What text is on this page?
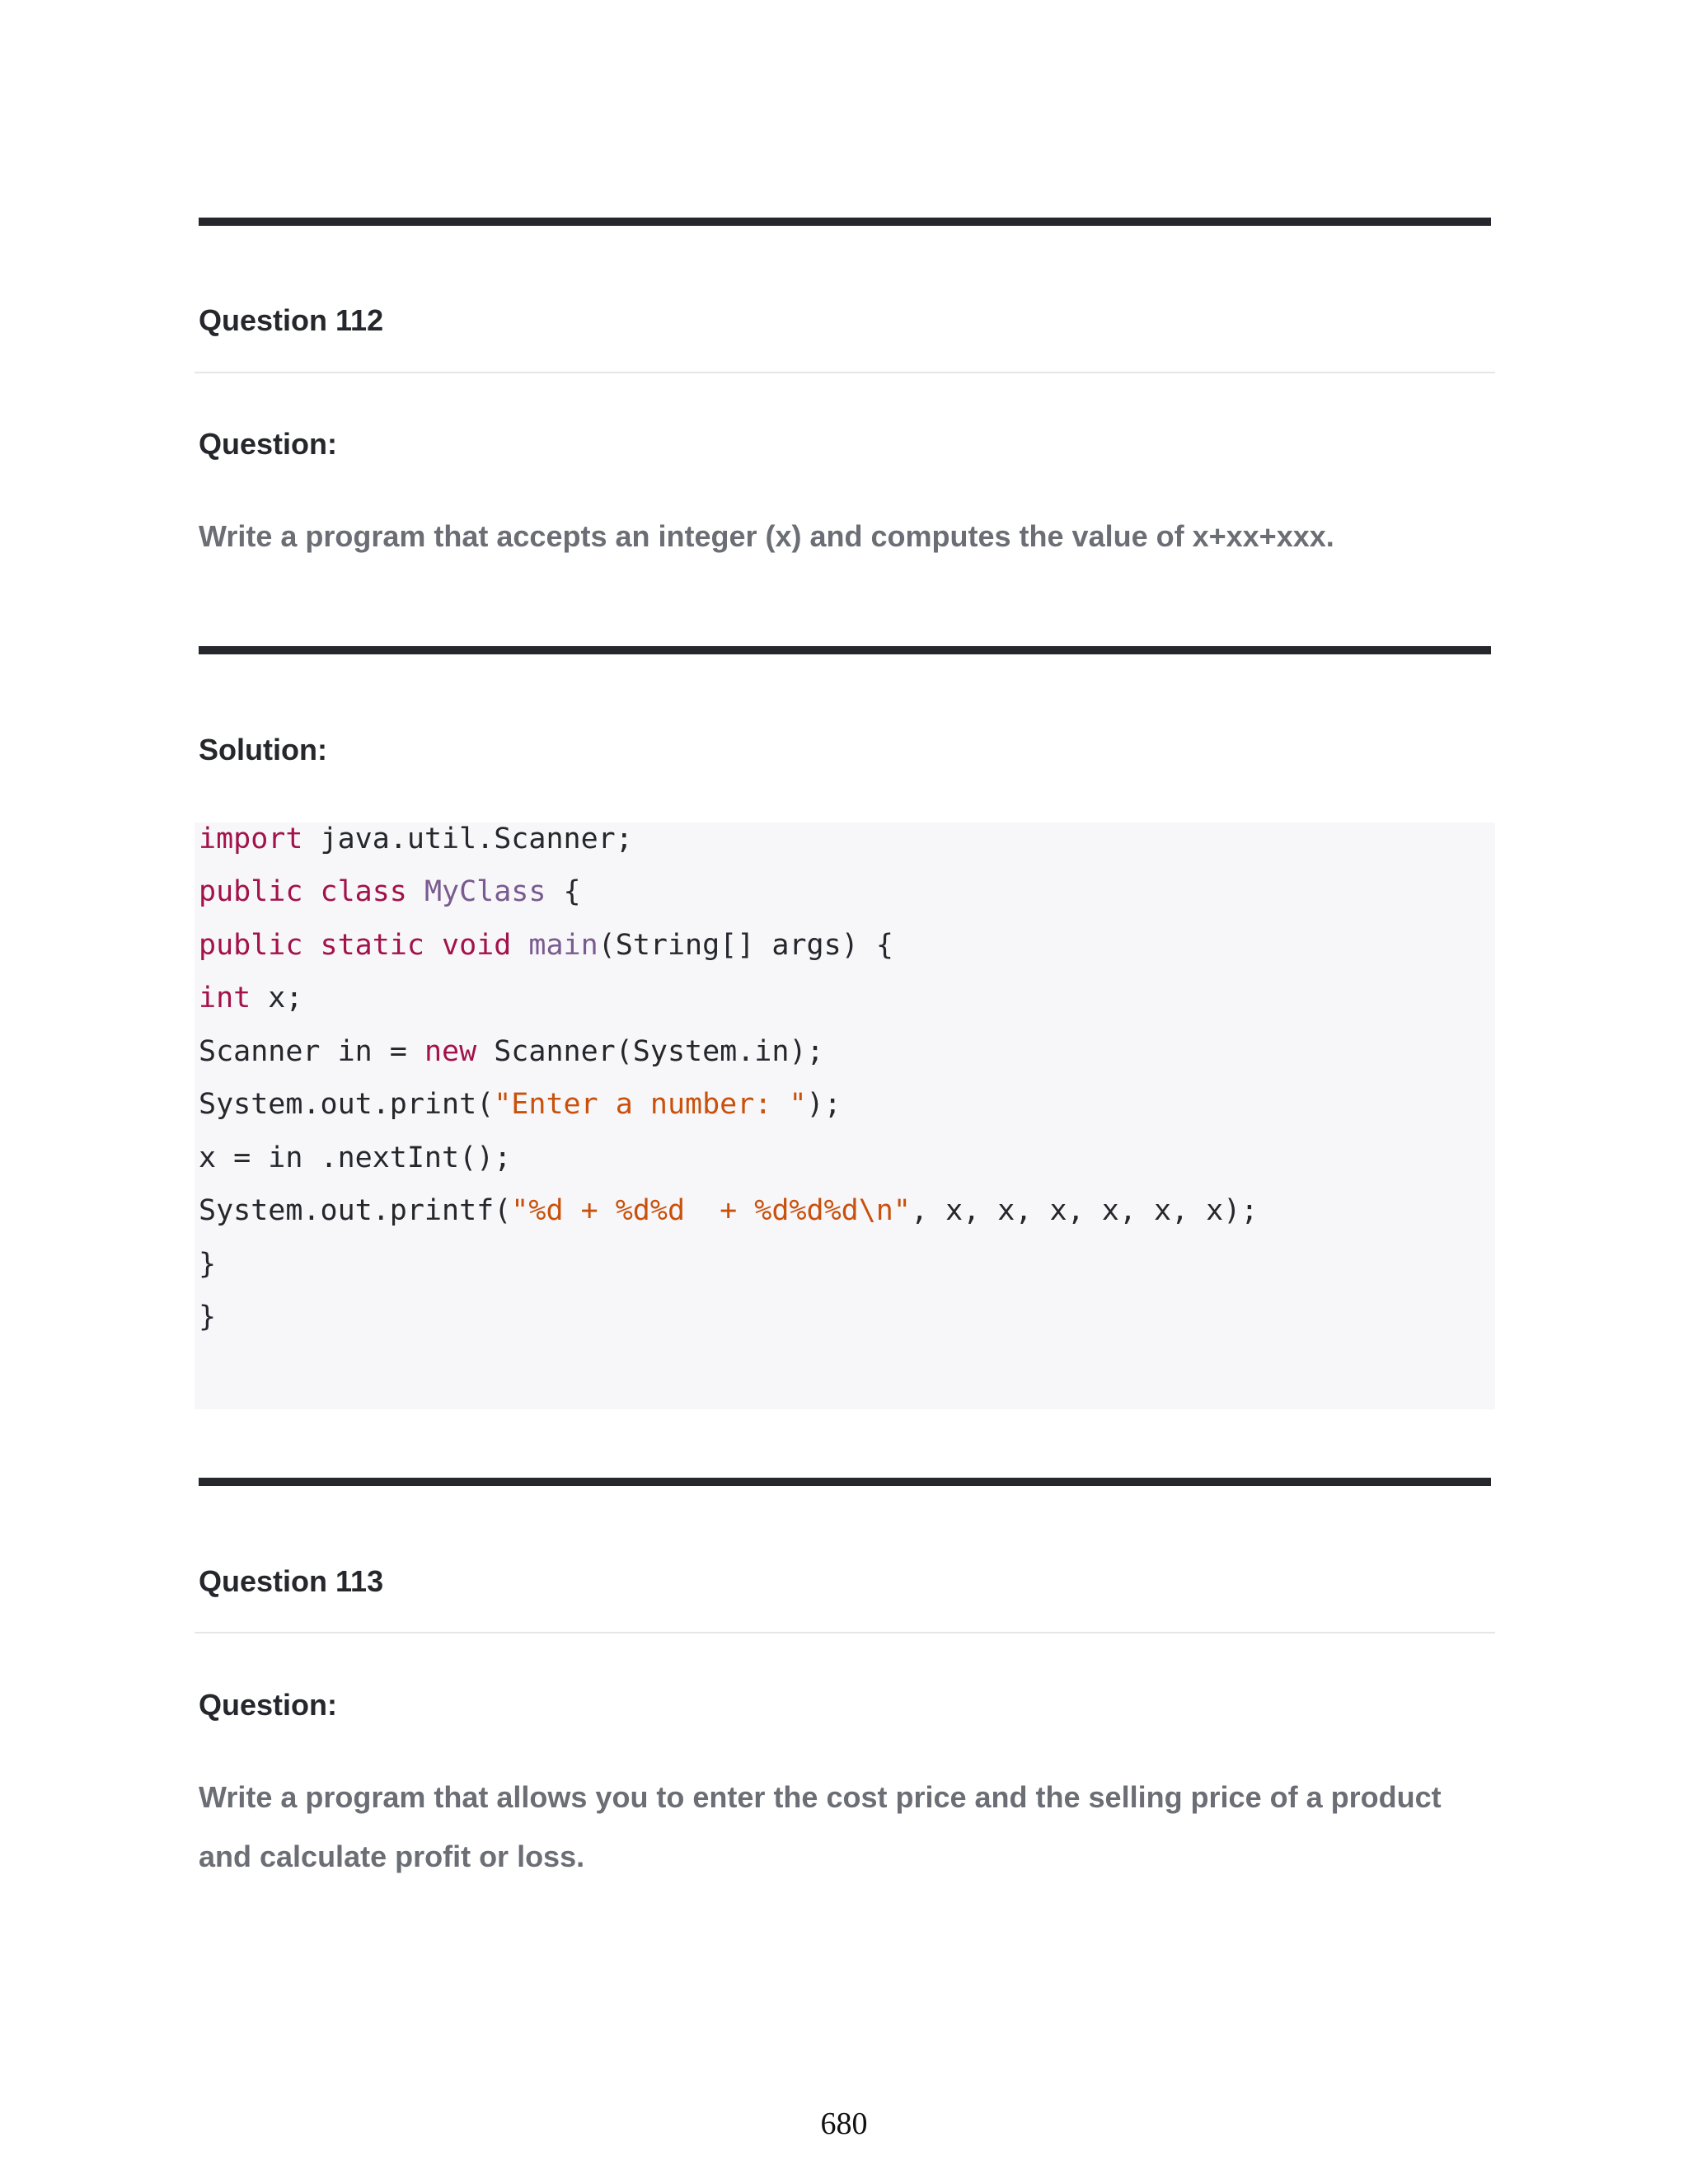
Question 112
Question:
Write a program that accepts an integer (x) and computes the value of x+xx+xxx.
Solution:
import java.util.Scanner;
public class MyClass {
public static void main(String[] args) {
int x;
Scanner in = new Scanner(System.in);
System.out.print("Enter a number: ");
x = in .nextInt();
System.out.printf("%d + %d%d  + %d%d%d\n", x, x, x, x, x, x);
}
}
Question 113
Question:
Write a program that allows you to enter the cost price and the selling price of a product
and calculate profit or loss.
680
